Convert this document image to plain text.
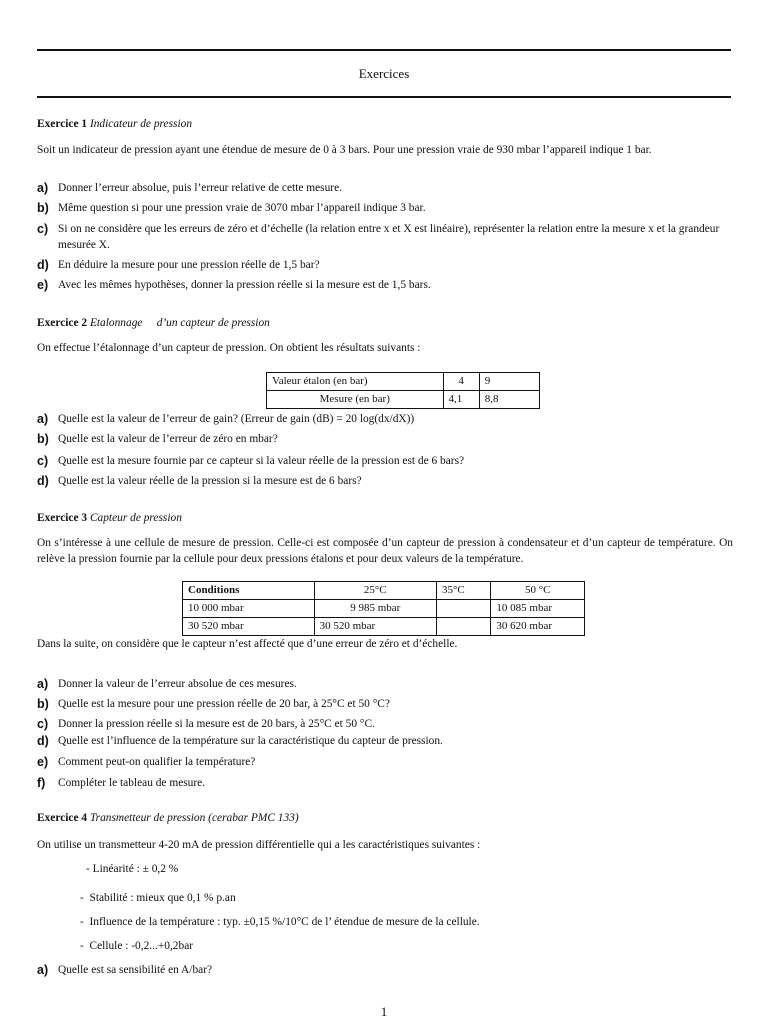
Exercices
Exercice 1 Indicateur de pression
Soit un indicateur de pression ayant une étendue de mesure de 0 à 3 bars. Pour une pression vraie de 930 mbar l’appareil indique 1 bar.
a) Donner l’erreur absolue, puis l’erreur relative de cette mesure.
b) Même question si pour une pression vraie de 3070 mbar l’appareil indique 3 bar.
c) Si on ne considère que les erreurs de zéro et d’échelle (la relation entre x et X est linéaire), représenter la relation entre la mesure x et la grandeur mesurée X.
d) En déduire la mesure pour une pression réelle de 1,5 bar?
e) Avec les mêmes hypothèses, donner la pression réelle si la mesure est de 1,5 bars.
Exercice 2 Etalonnage     d’un capteur de pression
On effectue l’étalonnage d’un capteur de pression. On obtient les résultats suivants :
Valeur étalon (en bar)	4	9
Mesure (en bar)	4,1	8,8
a) Quelle est la valeur de l’erreur de gain? (Erreur de gain (dB) = 20 log(dx/dX))
b) Quelle est la valeur de l’erreur de zéro en mbar?
c) Quelle est la mesure fournie par ce capteur si la valeur réelle de la pression est de 6 bars?
d) Quelle est la valeur réelle de la pression si la mesure est de 6 bars?
Exercice 3 Capteur de pression
On s’intéresse à une cellule de mesure de pression. Celle-ci est composée d’un capteur de pression à condensateur et d’un capteur de température. On relève la pression fournie par la cellule pour deux pressions étalons et pour deux valeurs de la température.
Conditions	25°C	35°C	50 °C
10 000 mbar	9 985 mbar		10 085 mbar
30 520 mbar	30 520 mbar		30 620 mbar
Dans la suite, on considère que le capteur n’est affecté que d’une erreur de zéro et d’échelle.
a) Donner la valeur de l’erreur absolue de ces mesures.
b) Quelle est la mesure pour une pression réelle de 20 bar, à 25°C et 50 °C?
c) Donner la pression réelle si la mesure est de 20 bars, à 25°C et 50 °C.
d) Quelle est l’influence de la température sur la caractéristique du capteur de pression.
e) Comment peut-on qualifier la température?
f) Compléter le tableau de mesure.
Exercice 4 Transmetteur de pression (cerabar PMC 133)
On utilise un transmetteur 4-20 mA de pression différentielle qui a les caractéristiques suivantes :
- Linéarité : ± 0,2 %
-  Stabilité : mieux que 0,1 % p.an
-  Influence de la température : typ. ±0,15 %/10°C de l’ étendue de mesure de la cellule.
-  Cellule : -0,2...+0,2bar
a) Quelle est sa sensibilité en A/bar?
1
